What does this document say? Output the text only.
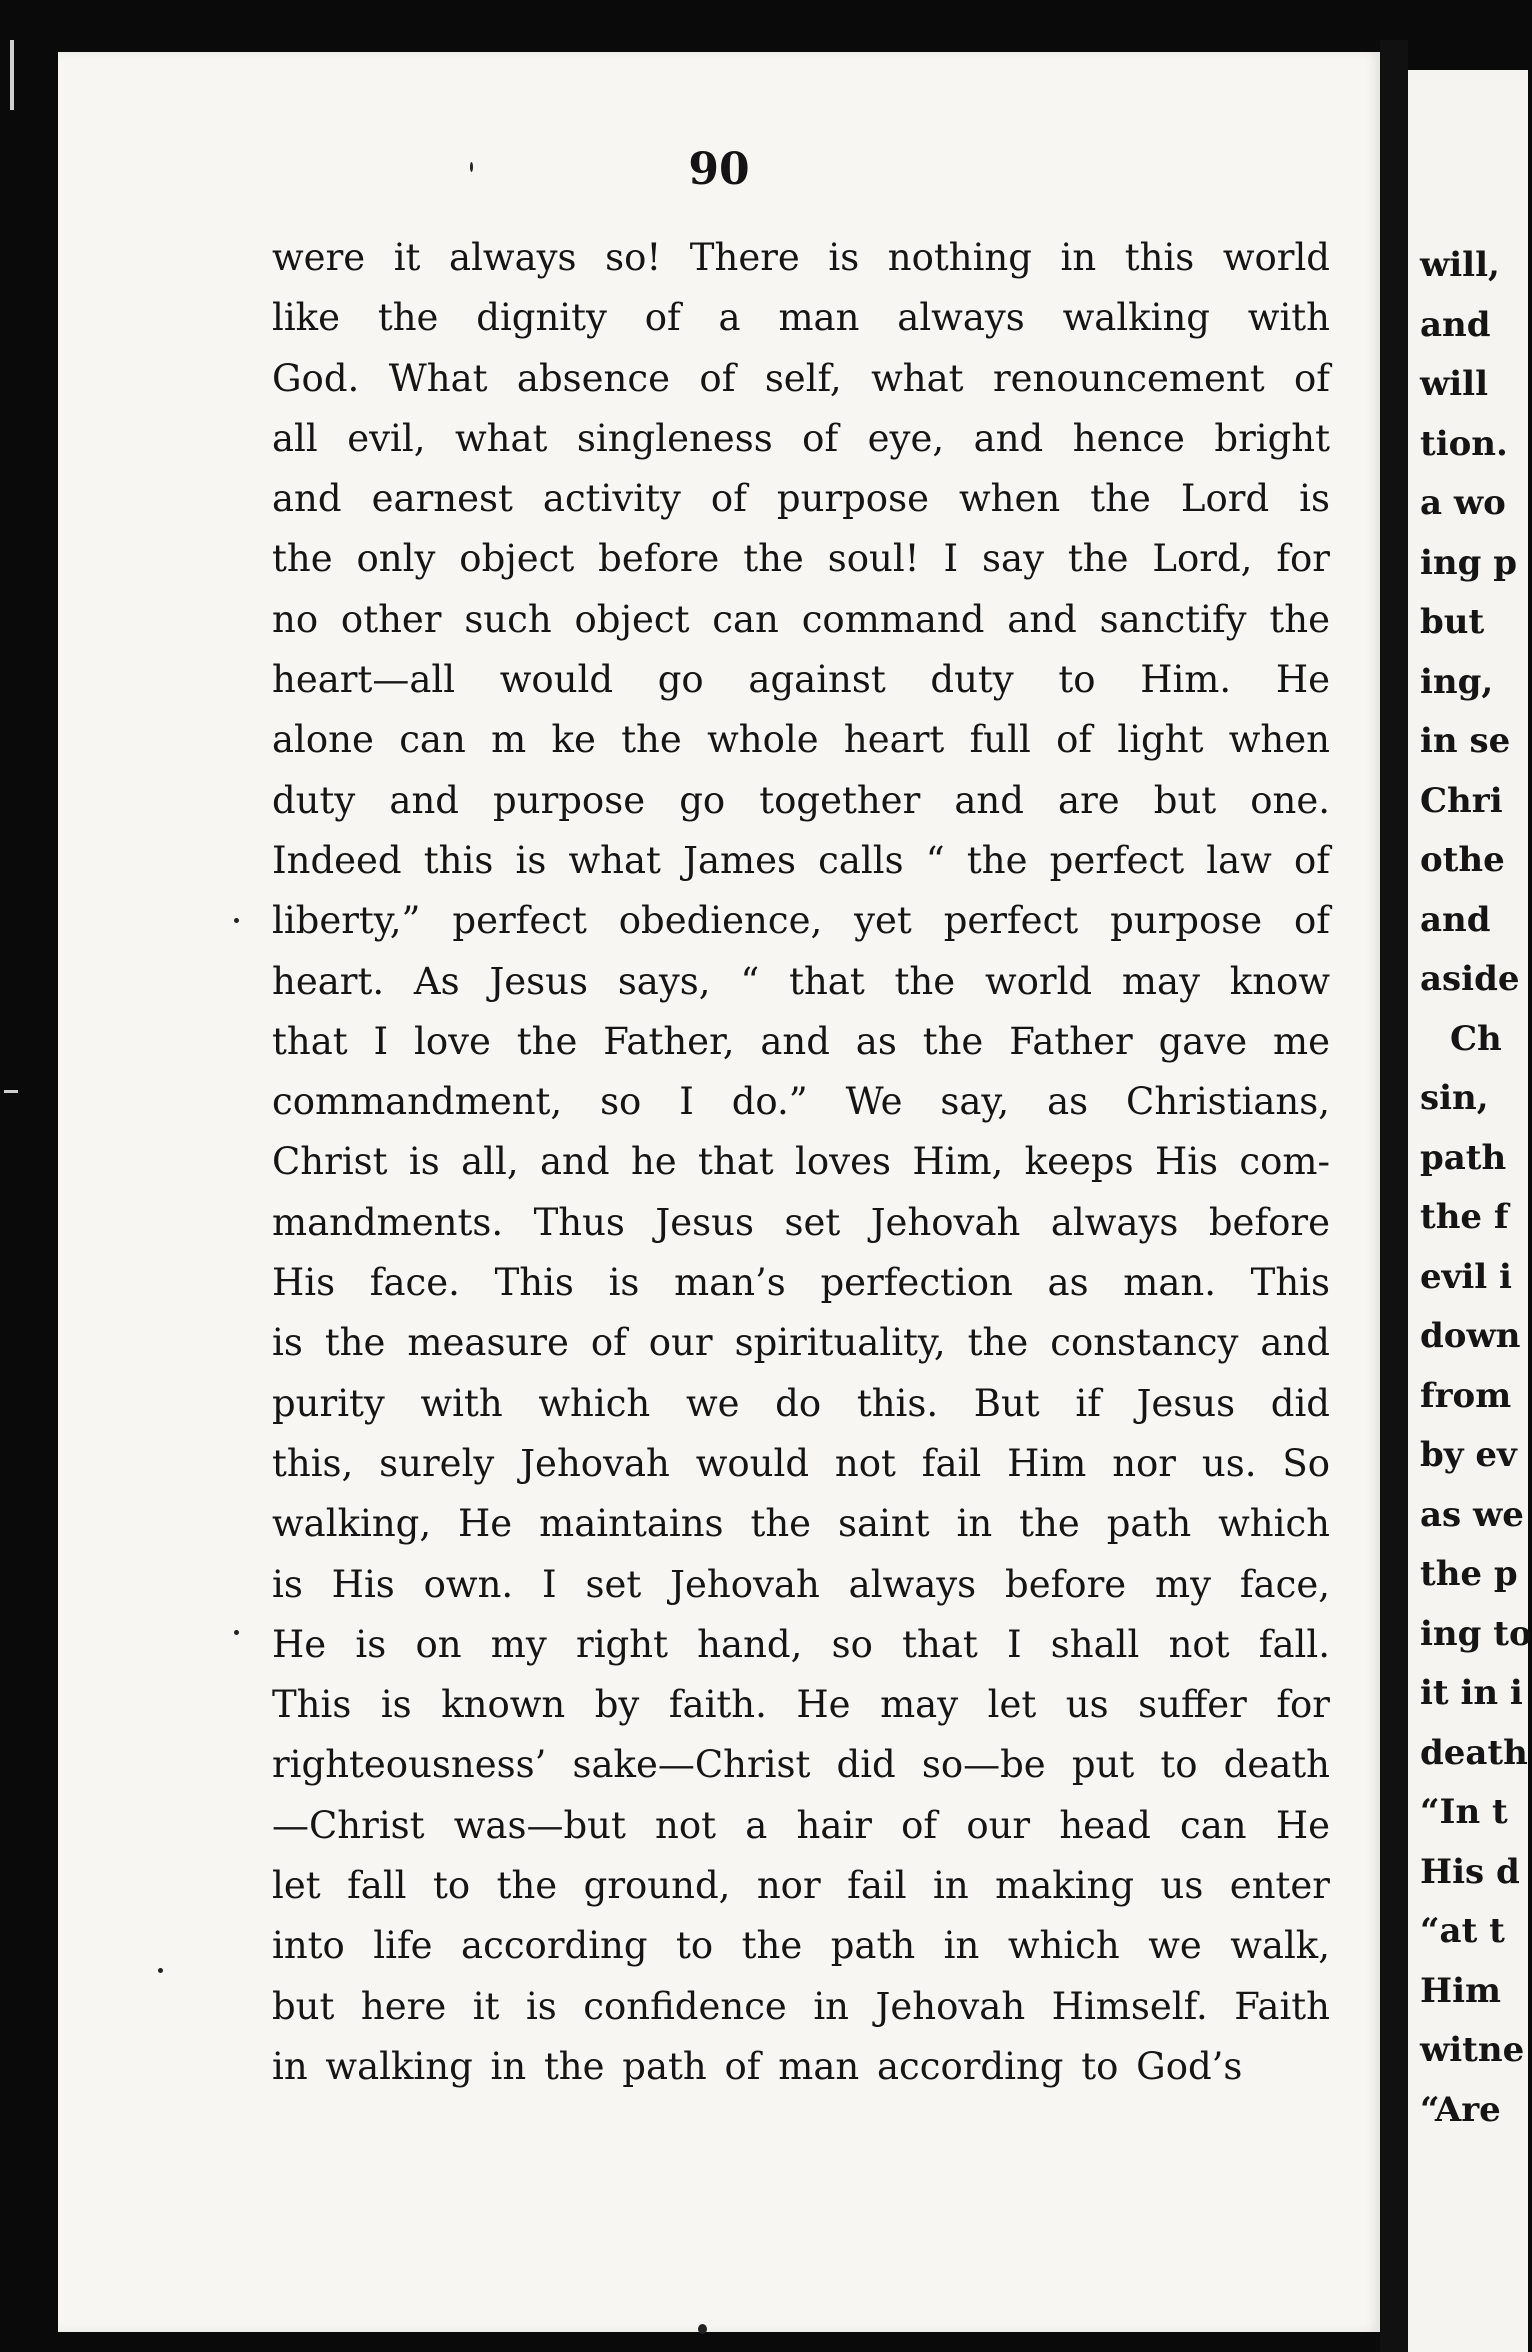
90
were it always so! There is nothing in this world
like the dignity of a man always walking with
God. What absence of self, what renouncement of
all evil, what singleness of eye, and hence bright
and earnest activity of purpose when the Lord is
the only object before the soul! I say the Lord, for
no other such object can command and sanctify the
heart—all would go against duty to Him. He
alone can m ke the whole heart full of light when
duty and purpose go together and are but one.
Indeed this is what James calls “ the perfect law of
liberty,” perfect obedience, yet perfect purpose of
heart. As Jesus says, “ that the world may know
that I love the Father, and as the Father gave me
commandment, so I do.” We say, as Christians,
Christ is all, and he that loves Him, keeps His com-
mandments. Thus Jesus set Jehovah always before
His face. This is man’s perfection as man. This
is the measure of our spirituality, the constancy and
purity with which we do this. But if Jesus did
this, surely Jehovah would not fail Him nor us. So
walking, He maintains the saint in the path which
is His own. I set Jehovah always before my face,
He is on my right hand, so that I shall not fall.
This is known by faith. He may let us suffer for
righteousness’ sake—Christ did so—be put to death
—Christ was—but not a hair of our head can He
let fall to the ground, nor fail in making us enter
into life according to the path in which we walk,
but here it is confidence in Jehovah Himself. Faith
in walking in the path of man according to God’s
will,
and
will
tion.
a wo
ing p
but
ing,
in se
Chri
othe
and
aside
Ch
sin,
path
the f
evil i
down
from
by ev
as we
the p
ing to
it in i
death
“In t
His d
“at t
Him
witne
“Are
